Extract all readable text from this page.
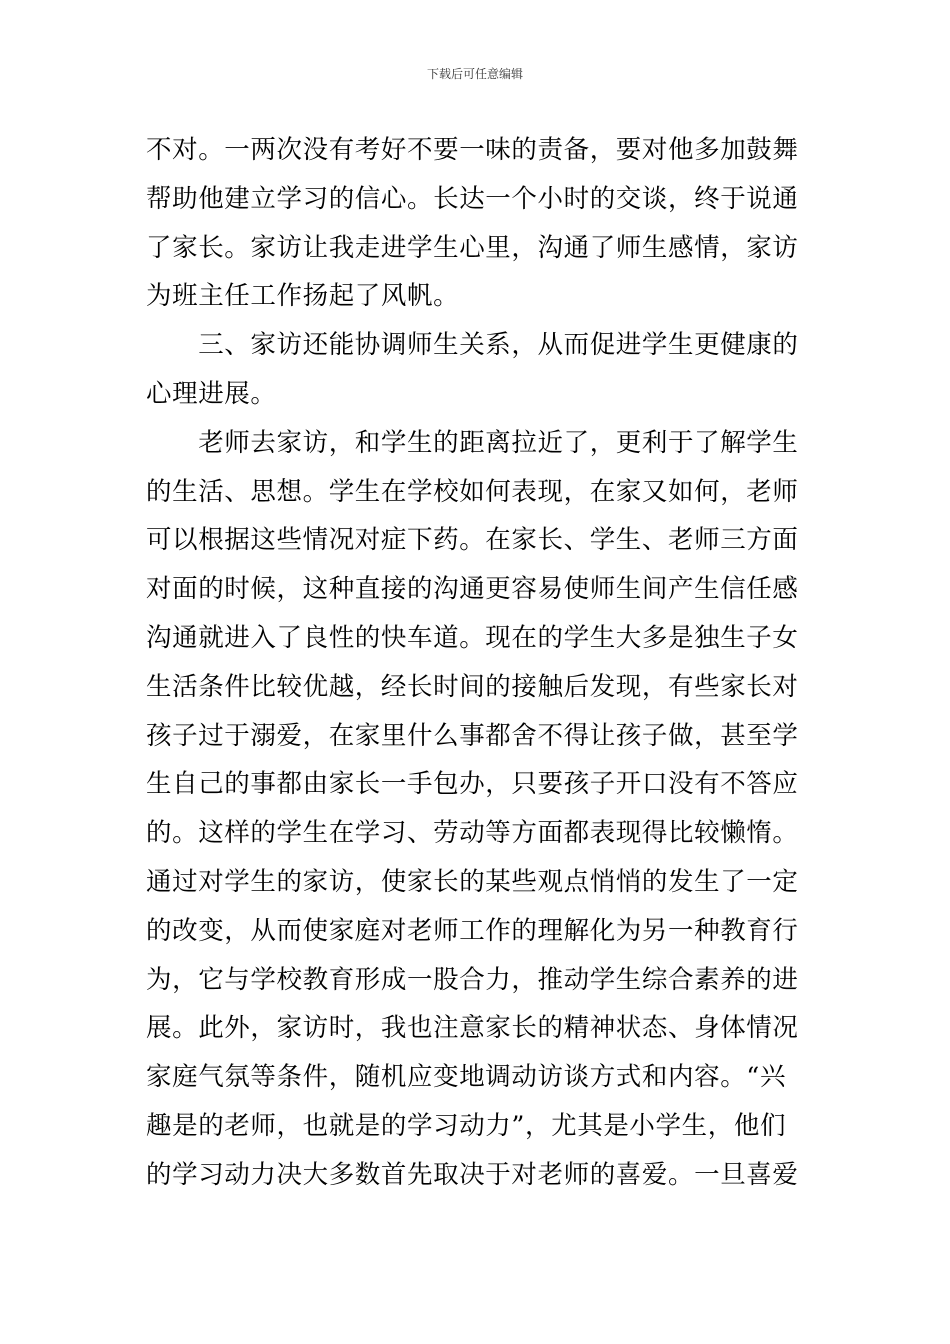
下载后可任意编辑
不对。一两次没有考好不要一味的责备，要对他多加鼓舞
帮助他建立学习的信心。长达一个小时的交谈，终于说通
了家长。家访让我走进学生心里，沟通了师生感情，家访
为班主任工作扬起了风帆。
　　三、家访还能协调师生关系，从而促进学生更健康的
心理进展。
　　老师去家访，和学生的距离拉近了，更利于了解学生
的生活、思想。学生在学校如何表现，在家又如何，老师
可以根据这些情况对症下药。在家长、学生、老师三方面
对面的时候，这种直接的沟通更容易使师生间产生信任感
沟通就进入了良性的快车道。现在的学生大多是独生子女
生活条件比较优越，经长时间的接触后发现，有些家长对
孩子过于溺爱，在家里什么事都舍不得让孩子做，甚至学
生自己的事都由家长一手包办，只要孩子开口没有不答应
的。这样的学生在学习、劳动等方面都表现得比较懒惰。
通过对学生的家访，使家长的某些观点悄悄的发生了一定
的改变，从而使家庭对老师工作的理解化为另一种教育行
为，它与学校教育形成一股合力，推动学生综合素养的进
展。此外，家访时，我也注意家长的精神状态、身体情况
家庭气氛等条件，随机应变地调动访谈方式和内容。“兴
趣是的老师，也就是的学习动力”，尤其是小学生，他们
的学习动力决大多数首先取决于对老师的喜爱。一旦喜爱
